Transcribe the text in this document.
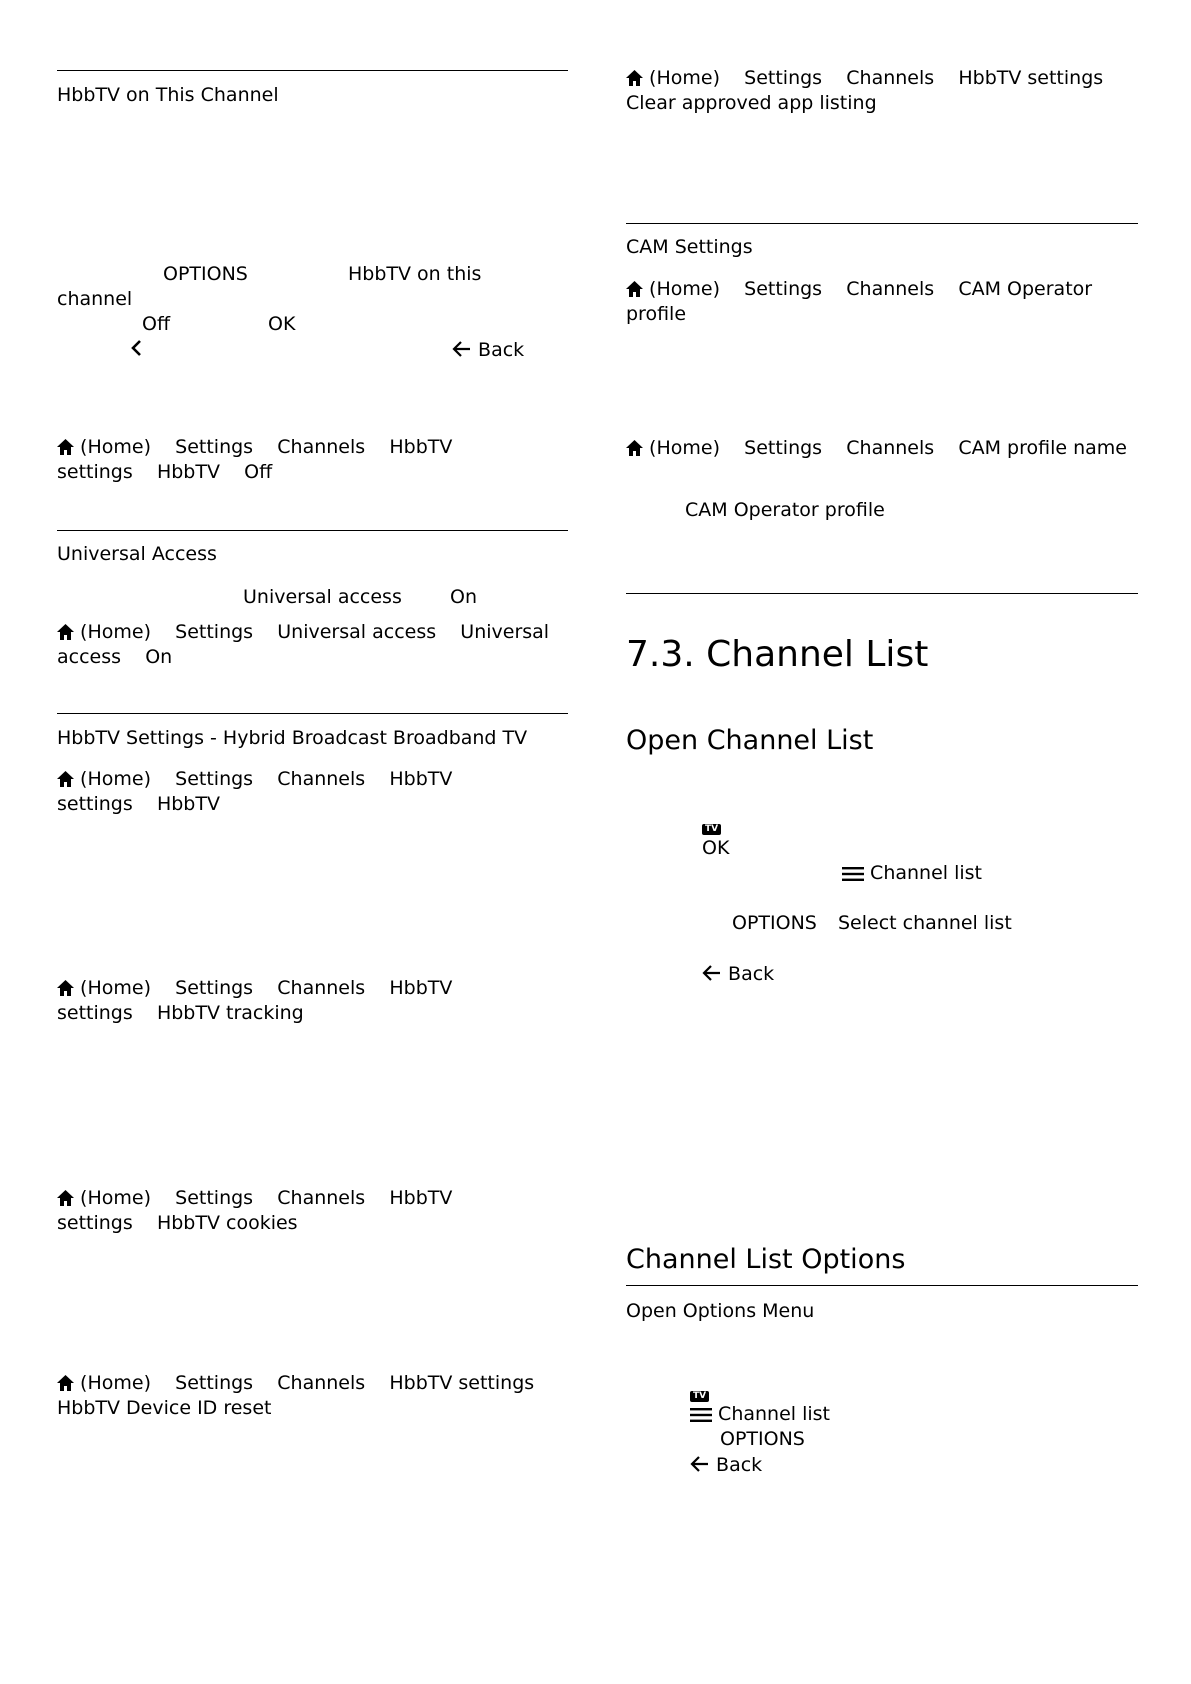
HbbTV on This Channel
OPTIONS	HbbTV on this
channel
Off	OK
Back
(Home) Settings Channels HbbTV
settings HbbTV Off
Universal Access
Universal access	On
(Home) Settings Universal access Universal
access On
HbbTV Settings - Hybrid Broadcast Broadband TV
(Home) Settings Channels HbbTV
settings HbbTV
(Home) Settings Channels HbbTV
settings HbbTV tracking
(Home) Settings Channels HbbTV
settings HbbTV cookies
(Home) Settings Channels HbbTV settings
HbbTV Device ID reset
(Home) Settings Channels HbbTV settings
Clear approved app listing
CAM Settings
(Home) Settings Channels CAM Operator
profile
(Home) Settings Channels CAM profile name
CAM Operator profile
7.3. Channel List
Open Channel List
TV
OK
Channel list
OPTIONS Select channel list
Back
Channel List Options
Open Options Menu
TV
Channel list
OPTIONS
Back
